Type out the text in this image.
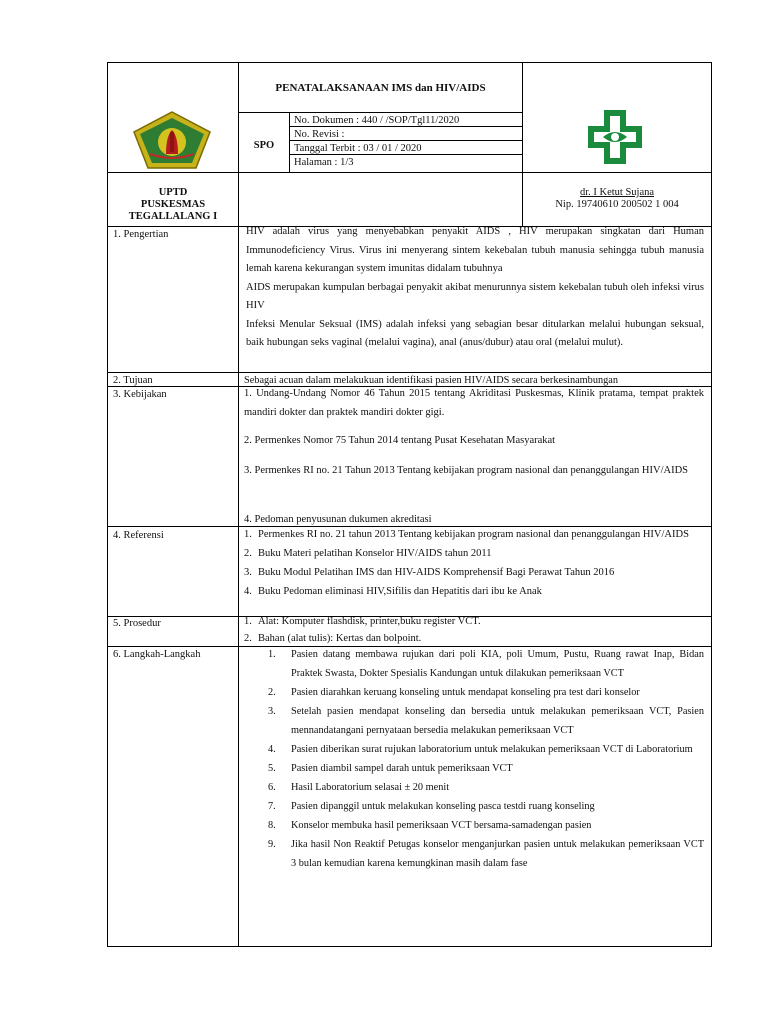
PENATALAKSANAAN IMS dan HIV/AIDS
SPO
No. Dokumen : 440 / /SOP/Tgl11/2020
No. Revisi :
Tanggal Terbit : 03 / 01 / 2020
Halaman : 1/3
UPTD
PUSKESMAS
TEGALLALANG I
dr. I Ketut Sujana
Nip. 19740610 200502 1 004
1. Pengertian
2. Tujuan
3. Kebijakan
4. Referensi
5. Prosedur
6. Langkah-Langkah

HIV adalah virus yang menyebabkan penyakit AIDS , HIV merupakan singkatan dari Human Immunodeficiency Virus. Virus ini menyerang sintem kekebalan tubuh manusia sehingga tubuh manusia lemah karena kekurangan system imunitas didalam tubuhnya

AIDS merupakan kumpulan berbagai penyakit akibat menurunnya sistem kekebalan tubuh oleh infeksi virus HIV

Infeksi Menular Seksual (IMS) adalah infeksi yang sebagian besar ditularkan melalui hubungan seksual, baik hubungan seks vaginal (melalui vagina), anal (anus/dubur) atau oral (melalui mulut).

Sebagai acuan dalam melakukuan identifikasi pasien HIV/AIDS secara berkesinambungan
1. Undang-Undang Nomor 46 Tahun 2015 tentang Akriditasi Puskesmas, Klinik pratama, tempat praktek mandiri dokter dan praktek mandiri dokter gigi.
2. Permenkes Nomor 75 Tahun 2014 tentang Pusat Kesehatan Masyarakat
3. Permenkes RI no. 21 Tahun 2013 Tentang kebijakan program nasional dan penanggulangan HIV/AIDS
4. Pedoman penyusunan dukumen akreditasi
1. Permenkes RI no. 21 tahun 2013 Tentang kebijakan program nasional dan penanggulangan HIV/AIDS
2. Buku Materi pelatihan Konselor HIV/AIDS tahun 2011
3. Buku Modul Pelatihan IMS dan HIV-AIDS Komprehensif Bagi Perawat Tahun 2016
4. Buku Pedoman eliminasi HIV,Sifilis dan Hepatitis dari ibu ke Anak
1. Alat: Komputer flashdisk, printer,buku register VCT.
2. Bahan (alat tulis): Kertas dan bolpoint.
1. Pasien datang membawa rujukan dari poli KIA, poli Umum, Pustu, Ruang rawat Inap, Bidan Praktek Swasta, Dokter Spesialis Kandungan untuk dilakukan pemeriksaan VCT
2. Pasien diarahkan keruang konseling untuk mendapat konseling pra test dari konselor
3. Setelah pasien mendapat konseling dan bersedia untuk melakukan pemeriksaan VCT, Pasien mennandatangani pernyataan bersedia melakukan pemeriksaan VCT
4. Pasien diberikan surat rujukan laboratorium untuk melakukan pemeriksaan VCT di Laboratorium
5. Pasien diambil sampel darah untuk pemeriksaan VCT
6. Hasil Laboratorium selasai ± 20 menit
7. Pasien dipanggil untuk melakukan konseling pasca testdi ruang konseling
8. Konselor membuka hasil pemeriksaan VCT bersama-samadengan pasien
9. Jika hasil Non Reaktif Petugas konselor menganjurkan pasien untuk melakukan pemeriksaan VCT 3 bulan kemudian karena kemungkinan masih dalam fase
